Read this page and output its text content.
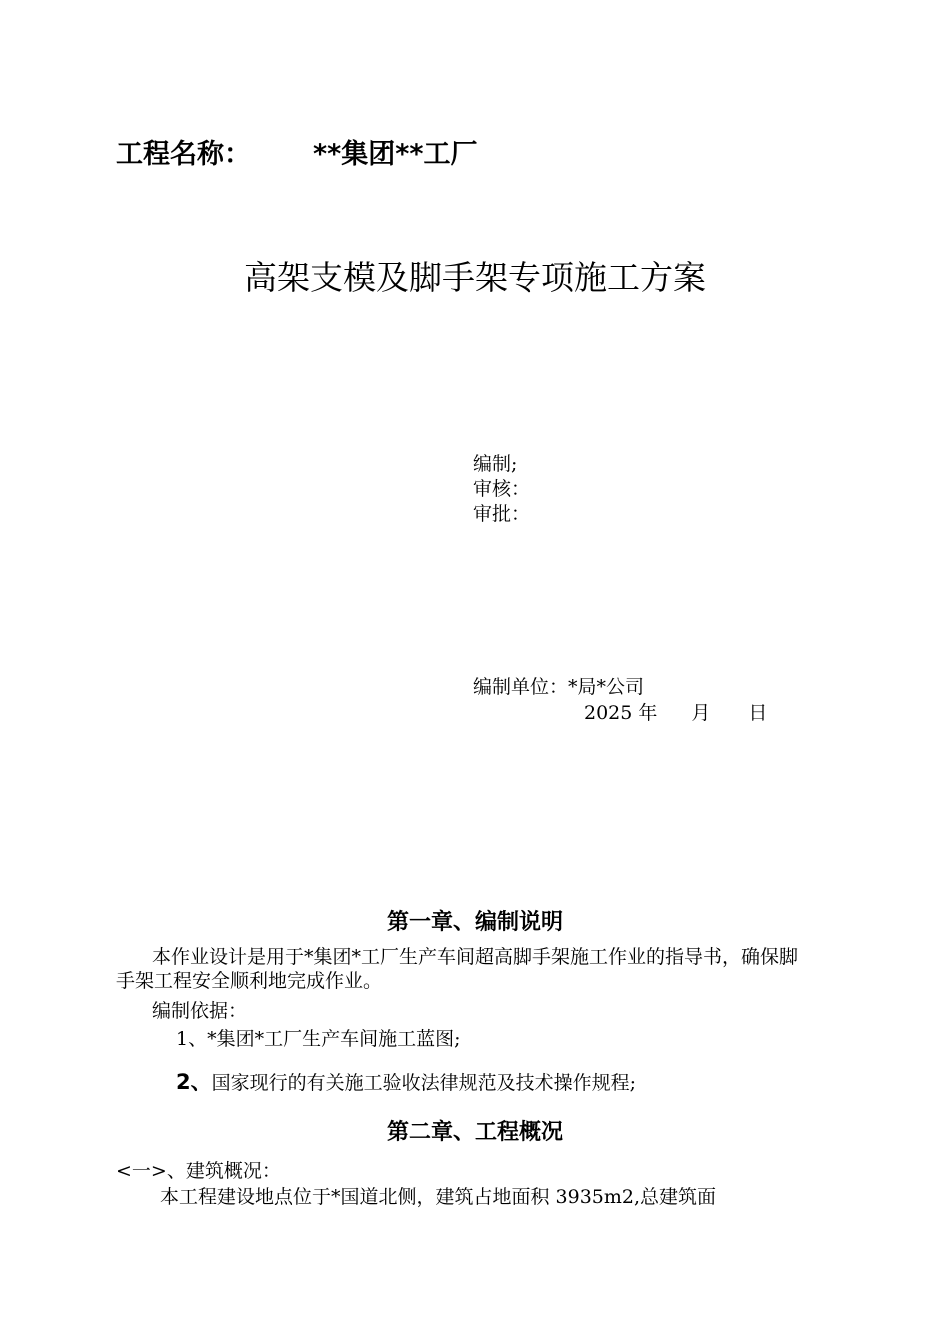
工程名称： **集团**工厂
高架支模及脚手架专项施工方案
编制;
审核：
审批：
编制单位：*局*公司
2025 年 月 日
第一章、编制说明
本作业设计是用于*集团*工厂生产车间超高脚手架施工作业的指导书，确保脚手架工程安全顺利地完成作业。
编制依据：
1、*集团*工厂生产车间施工蓝图;
2、国家现行的有关施工验收法律规范及技术操作规程;
第二章、工程概况
<一>、建筑概况：
本工程建设地点位于*国道北侧，建筑占地面积 3935m2,总建筑面
